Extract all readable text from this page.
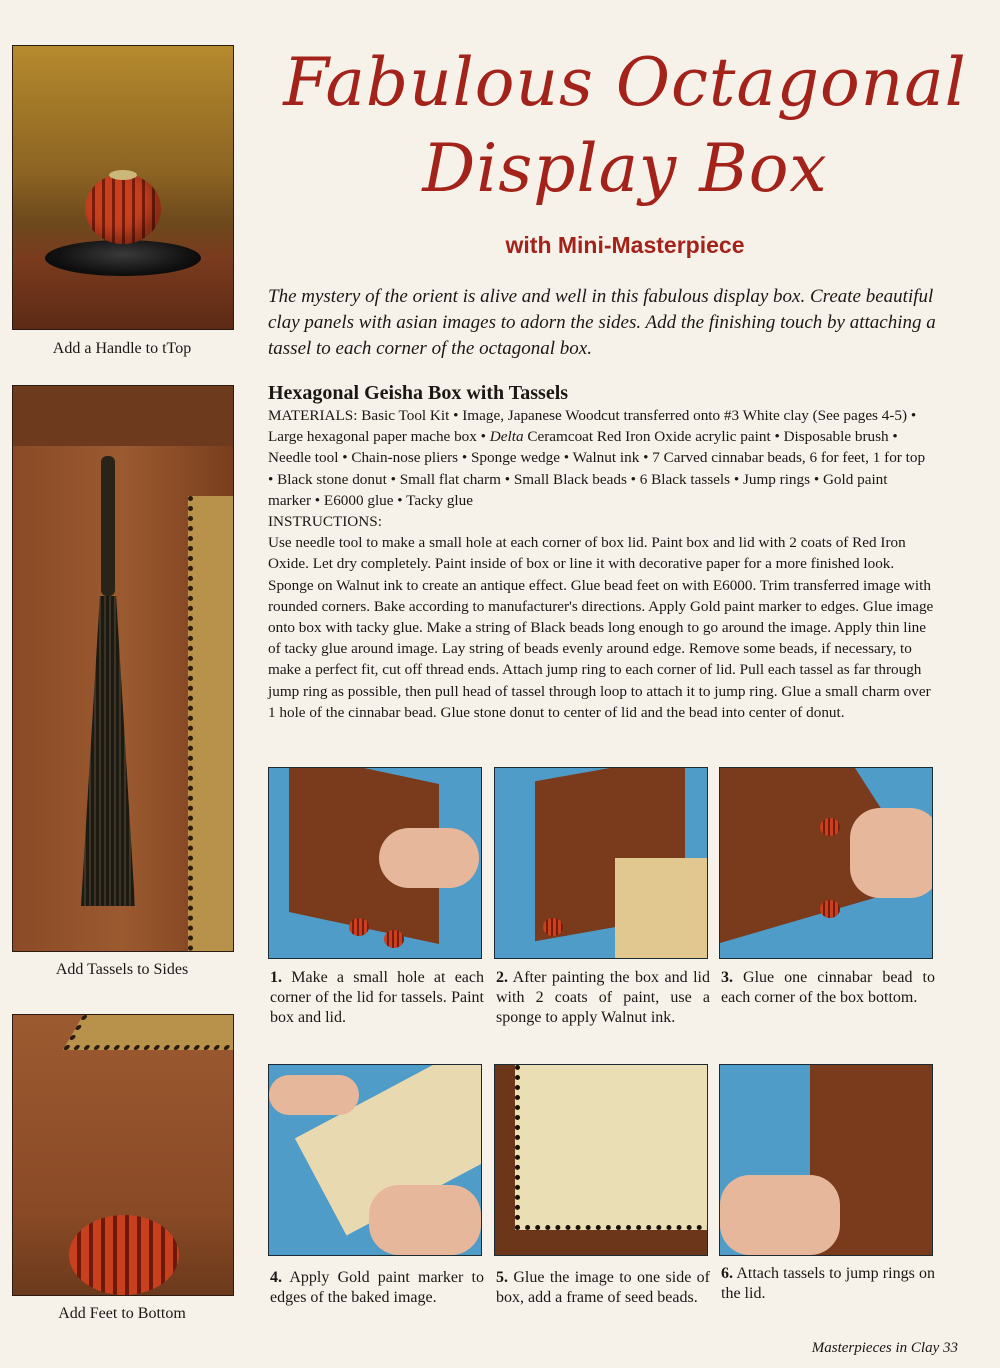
Add a Handle to tTop
Add Tassels to Sides
Add Feet to Bottom
Fabulous Octagonal
Display Box
with Mini-Masterpiece
The mystery of the orient is alive and well in this fabulous display box. Create beautiful clay panels with asian images to adorn the sides. Add the finishing touch by attaching a tassel to each corner of the octagonal box.
Hexagonal Geisha Box with Tassels

MATERIALS: Basic Tool Kit • Image, Japanese Woodcut transferred onto #3 White clay (See pages 4-5) • Large hexagonal paper mache box • Delta Ceramcoat Red Iron Oxide acrylic paint • Disposable brush • Needle tool • Chain-nose pliers • Sponge wedge • Walnut ink • 7 Carved cinnabar beads, 6 for feet, 1 for top • Black stone donut • Small flat charm • Small Black beads • 6 Black tassels • Jump rings • Gold paint marker • E6000 glue • Tacky glue

INSTRUCTIONS:

Use needle tool to make a small hole at each corner of box lid. Paint box and lid with 2 coats of Red Iron Oxide. Let dry completely. Paint inside of box or line it with decorative paper for a more finished look. Sponge on Walnut ink to create an antique effect. Glue bead feet on with E6000. Trim transferred image with rounded corners. Bake according to manufacturer's directions. Apply Gold paint marker to edges. Glue image onto box with tacky glue. Make a string of Black beads long enough to go around the image. Apply thin line of tacky glue around image. Lay string of beads evenly around edge. Remove some beads, if necessary, to make a perfect fit, cut off thread ends. Attach jump ring to each corner of lid. Pull each tassel as far through jump ring as possible, then pull head of tassel through loop to attach it to jump ring. Glue a small charm over 1 hole of the cinnabar bead. Glue stone donut to center of lid and the bead into center of donut.

1. Make a small hole at each corner of the lid for tassels. Paint box and lid.
2. After painting the box and lid with 2 coats of paint, use a sponge to apply Walnut ink.
3. Glue one cinnabar bead to each corner of the box bottom.
4. Apply Gold paint marker to edges of the baked image.
5. Glue the image to one side of box, add a frame of seed beads.
6. Attach tassels to jump rings on the lid.
Masterpieces in Clay 33
